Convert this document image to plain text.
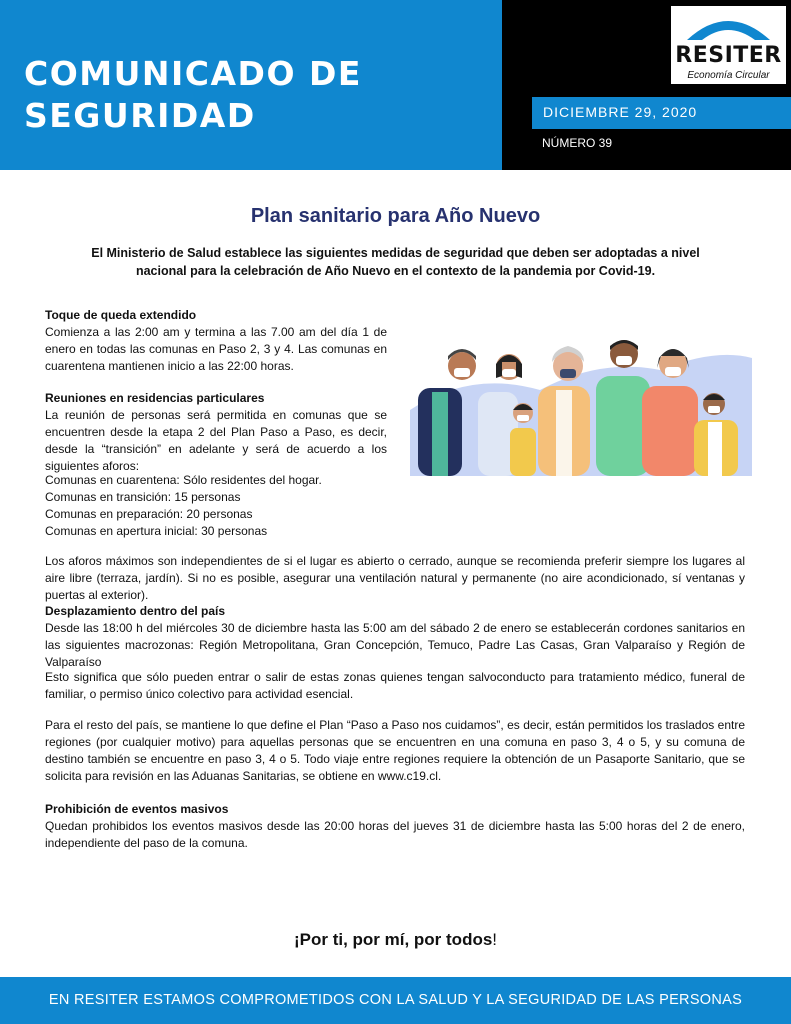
COMUNICADO DE
SEGURIDAD
RESITER
Economía Circular
DICIEMBRE 29, 2020
NÚMERO 39
Plan sanitario para Año Nuevo

El Ministerio de Salud establece las siguientes medidas de seguridad que deben ser adoptadas a nivel nacional para la celebración de Año Nuevo en el contexto de la pandemia por Covid-19.

Toque de queda extendido

Comienza a las 2:00 am y termina a las 7.00 am del día 1 de enero en todas las comunas en Paso 2, 3 y 4. Las comunas en cuarentena mantienen inicio a las 22:00 horas.

Reuniones en residencias particulares

La reunión de personas será permitida en comunas que se encuentren desde la etapa 2 del Plan Paso a Paso, es decir, desde la “transición” en adelante y será de acuerdo a los siguientes aforos:

Comunas en cuarentena: Sólo residentes del hogar.

Comunas en transición: 15 personas

Comunas en preparación: 20 personas

Comunas en apertura inicial: 30 personas

Los aforos máximos son independientes de si el lugar es abierto o cerrado, aunque se recomienda preferir siempre los lugares al aire libre (terraza, jardín). Si no es posible, asegurar una ventilación natural y permanente (no aire acondicionado, sí ventanas y puertas al exterior).

Desplazamiento dentro del país

Desde las 18:00 h del miércoles 30 de diciembre hasta las 5:00 am del sábado 2 de enero se establecerán cordones sanitarios en las siguientes macrozonas: Región Metropolitana, Gran Concepción, Temuco, Padre Las Casas, Gran Valparaíso y Región de Valparaíso

Esto significa que sólo pueden entrar o salir de estas zonas quienes tengan salvoconducto para tratamiento médico, funeral de familiar, o permiso único colectivo para actividad esencial.

Para el resto del país, se mantiene lo que define el Plan “Paso a Paso nos cuidamos”, es decir, están permitidos los traslados entre regiones (por cualquier motivo) para aquellas personas que se encuentren en una comuna en paso 3, 4 o 5, y su comuna de destino también se encuentre en paso 3, 4 o 5. Todo viaje entre regiones requiere la obtención de un Pasaporte Sanitario, que se solicita para revisión en las Aduanas Sanitarias, se obtiene en www.c19.cl.

Prohibición de eventos masivos

Quedan prohibidos los eventos masivos desde las 20:00 horas del jueves 31 de diciembre hasta las 5:00 horas del 2 de enero, independiente del paso de la comuna.

¡Por ti, por mí, por todos!

EN RESITER ESTAMOS COMPROMETIDOS CON LA SALUD Y LA SEGURIDAD DE LAS PERSONAS
